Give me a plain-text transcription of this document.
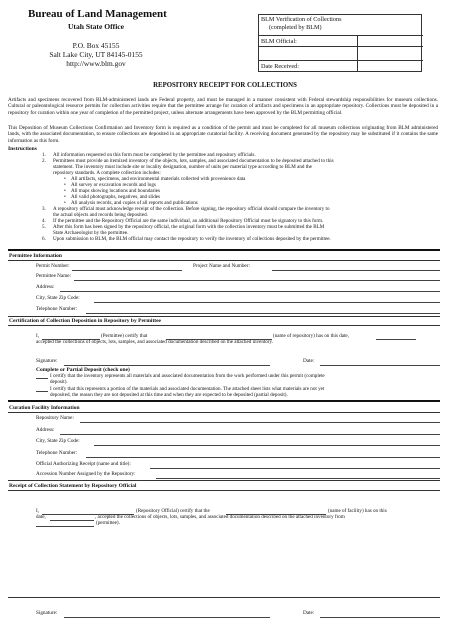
Bureau of Land Management
Utah State Office
P.O. Box 45155
Salt Lake City, UT 84145-0155
http://www.blm.gov
BLM Verification of Collections
(completed by BLM)
BLM Official:
Date Received:
REPOSITORY RECEIPT FOR COLLECTIONS
Artifacts and specimens recovered from BLM-administered lands are Federal property, and must be managed in a manner consistent with Federal stewardship responsibilities for museum collections. Cultural or paleontological resource permits for collection activities require that the permittee arrange for curation of artifacts and specimens in an appropriate repository. Collections must be deposited in a repository for curation within one year of completion of the permitted project, unless alternate arrangements have been approved by the BLM permitting official.
This Deposition of Museum Collections Confirmation and Inventory form is required as a condition of the permit and must be completed for all museum collections originating from BLM administered lands, with the associated documentation, to ensure collections are deposited in an appropriate curatorial facility. A receiving document generated by the repository may be substituted if it contains the same information as this form.
Instructions
1. All information requested on this form must be completed by the permittee and repository officials.
2. Permittees must provide an itemized inventory of the objects, lots, samples, and associated documentation to be deposited attached to this
statement. The inventory must include site or locality designation, number of units per material type according to BLM and the
repository standards. A complete collection includes:
• All artifacts, specimens, and environmental materials collected with provenience data
• All survey or excavation records and logs
• All maps showing locations and boundaries
• All valid photographs, negatives, and slides
• All analysis records, and copies of all reports and publications
3. A repository official must acknowledge receipt of the collection. Before signing, the repository official should compare the inventory to
the actual objects and records being deposited.
4. If the permittee and the Repository Official are the same individual, an additional Repository Official must be signatory to this form.
5. After this form has been signed by the repository official, the original form with the collection inventory must be submitted the BLM
State Archaeologist by the permittee.
6. Upon submission to BLM, the BLM official may contact the repository to verify the inventory of collections deposited by the permittee.
Permittee Information
Permit Number:	Project Name and Number:
Permittee Name:
Address:
City, State Zip Code:
Telephone Number:
Certification of Collection Deposition in Repository by Permittee
I,	(Permittee) certify that	(name of repository) has on this date,
accepted the collections of objects, lots, samples, and associated documentation described on the attached inventory.
Signature:	Date:
Complete or Partial Deposit (check one)
I certify that the inventory represents all materials and associated documentation from the work performed under this permit (complete
deposit).
I certify that this represents a portion of the materials and associated documentation. The attached sheet lists what materials are not yet
deposited, the reason they are not deposited at this time and when they are expected to be deposited (partial deposit).
Curation Facility Information
Repository Name:
Address:
City, State Zip Code:
Telephone Number:
Official Authorizing Receipt (name and title):
Accession Number Assigned by the Repository:
Receipt of Collection Statement by Repository Official
I,	(Repository Official) certify that the	(name of facility) has on this
date,	, accepted the collections of objects, lots, samples, and associated documentation described on the attached inventory from
(permittee).
Signature:	Date:
